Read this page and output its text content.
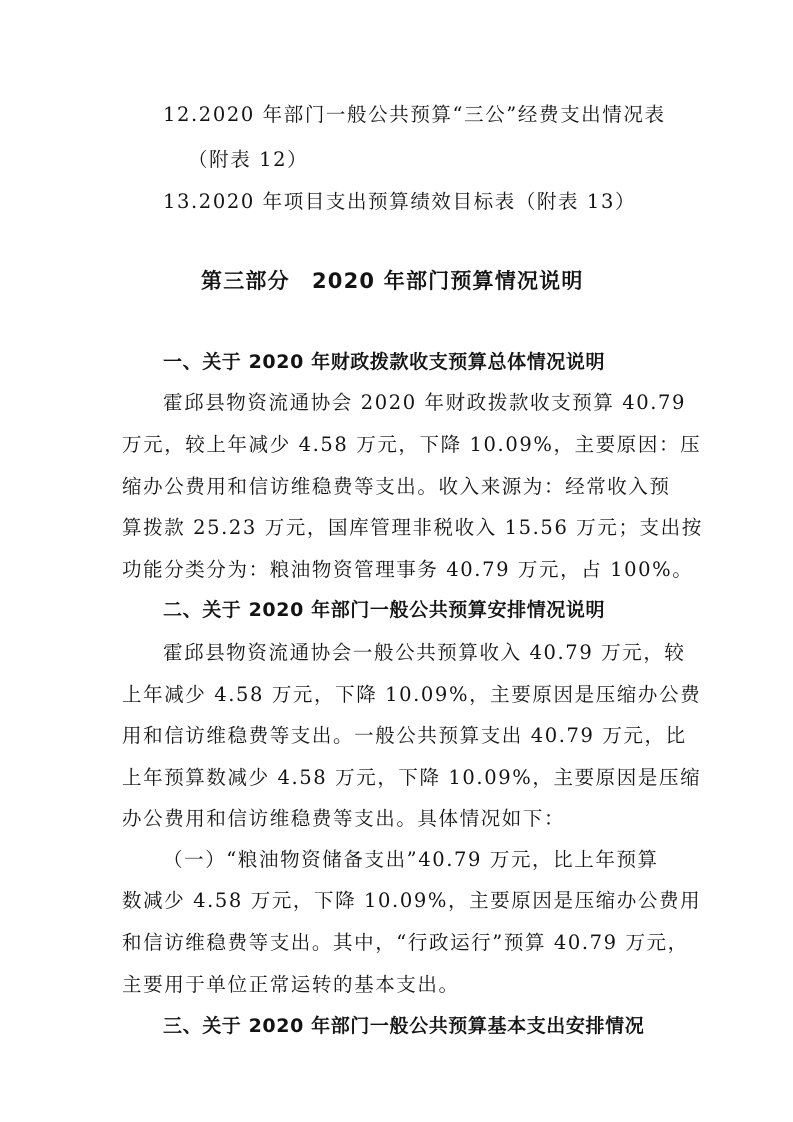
12.2020 年部门一般公共预算“三公”经费支出情况表
（附表 12）
13.2020 年项目支出预算绩效目标表（附表 13）
第三部分　2020 年部门预算情况说明
一、关于 2020 年财政拨款收支预算总体情况说明
霍邱县物资流通协会 2020 年财政拨款收支预算 40.79
万元，较上年减少 4.58 万元，下降 10.09%，主要原因：压
缩办公费用和信访维稳费等支出。收入来源为：经常收入预
算拨款 25.23 万元，国库管理非税收入 15.56 万元；支出按
功能分类分为：粮油物资管理事务 40.79 万元，占 100%。
二、关于 2020 年部门一般公共预算安排情况说明
霍邱县物资流通协会一般公共预算收入 40.79 万元，较
上年减少 4.58 万元，下降 10.09%，主要原因是压缩办公费
用和信访维稳费等支出。一般公共预算支出 40.79 万元，比
上年预算数减少 4.58 万元，下降 10.09%，主要原因是压缩
办公费用和信访维稳费等支出。具体情况如下：
（一）“粮油物资储备支出”40.79 万元，比上年预算
数减少 4.58 万元，下降 10.09%，主要原因是压缩办公费用
和信访维稳费等支出。其中，“行政运行”预算 40.79 万元，
主要用于单位正常运转的基本支出。
三、关于 2020 年部门一般公共预算基本支出安排情况
